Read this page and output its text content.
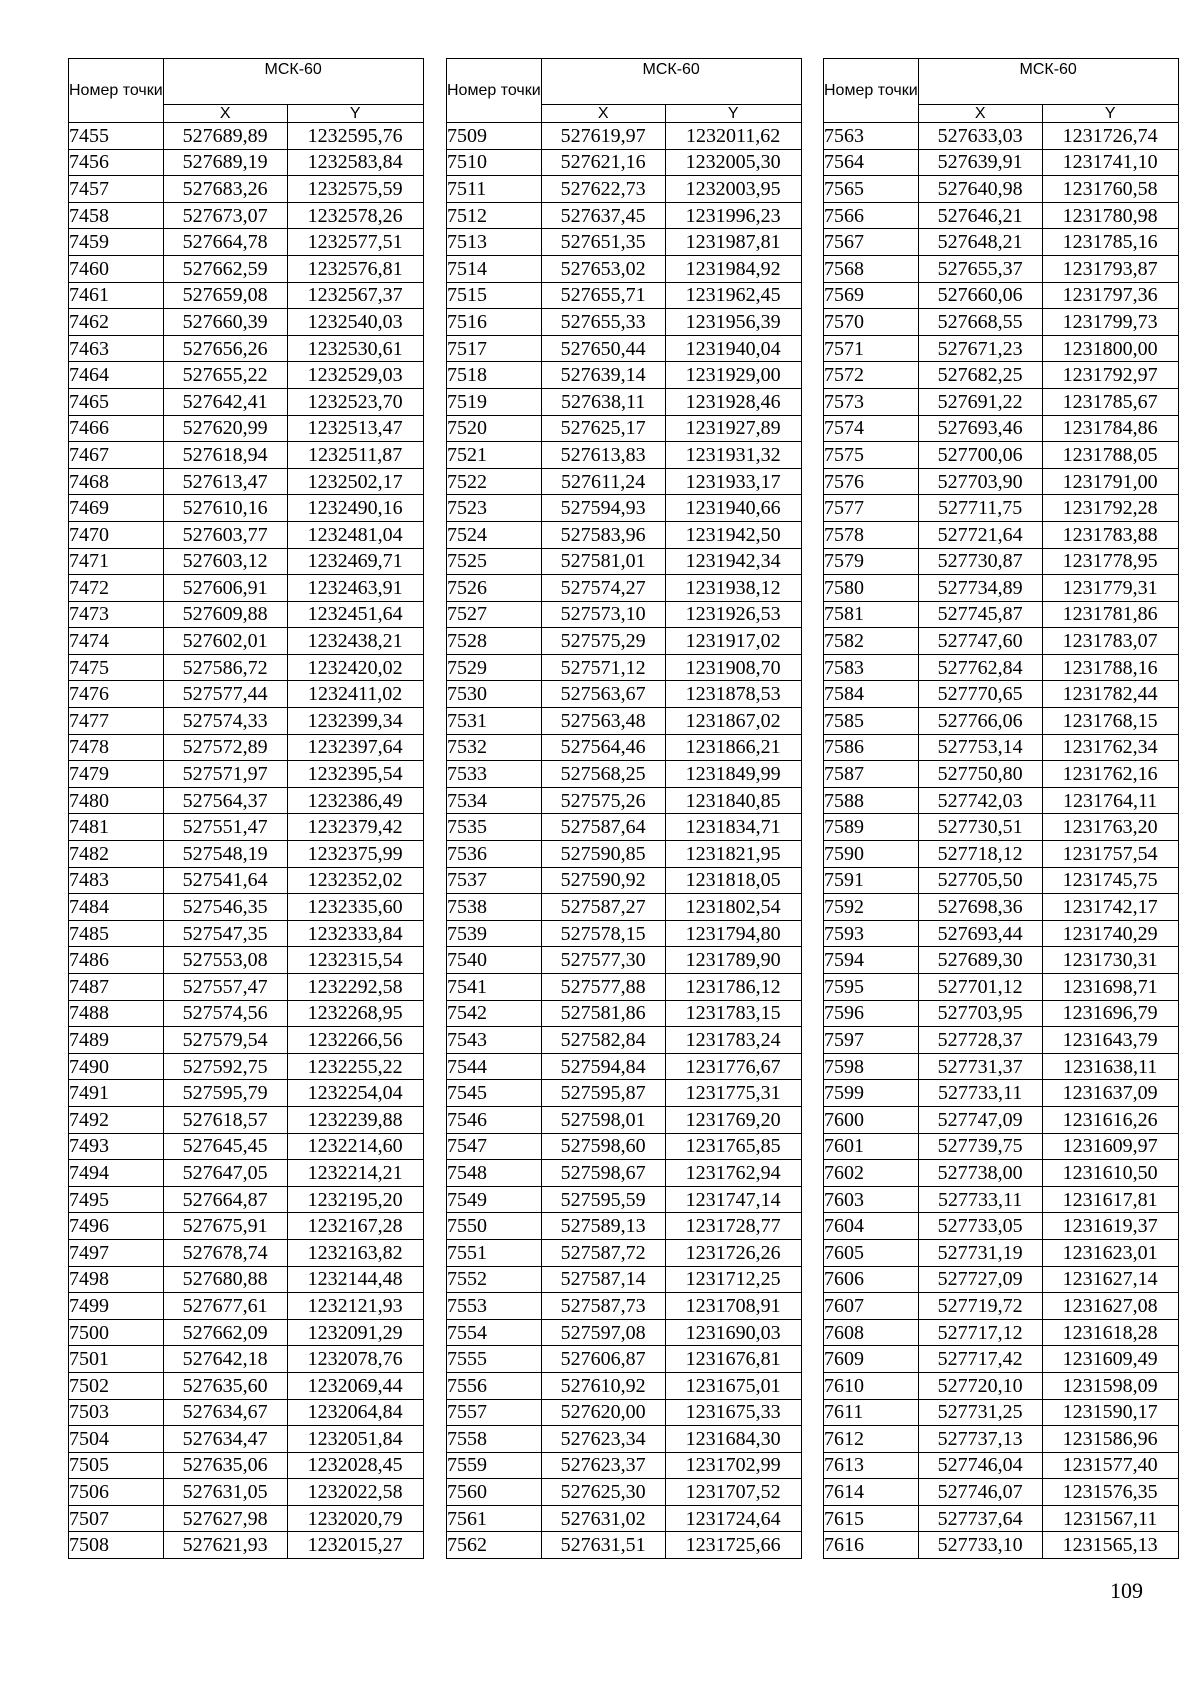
Номер точки	МСК-60	
	X	Y
7455	527689,89	1232595,76
7456	527689,19	1232583,84
7457	527683,26	1232575,59
7458	527673,07	1232578,26
7459	527664,78	1232577,51
7460	527662,59	1232576,81
7461	527659,08	1232567,37
7462	527660,39	1232540,03
7463	527656,26	1232530,61
7464	527655,22	1232529,03
7465	527642,41	1232523,70
7466	527620,99	1232513,47
7467	527618,94	1232511,87
7468	527613,47	1232502,17
7469	527610,16	1232490,16
7470	527603,77	1232481,04
7471	527603,12	1232469,71
7472	527606,91	1232463,91
7473	527609,88	1232451,64
7474	527602,01	1232438,21
7475	527586,72	1232420,02
7476	527577,44	1232411,02
7477	527574,33	1232399,34
7478	527572,89	1232397,64
7479	527571,97	1232395,54
7480	527564,37	1232386,49
7481	527551,47	1232379,42
7482	527548,19	1232375,99
7483	527541,64	1232352,02
7484	527546,35	1232335,60
7485	527547,35	1232333,84
7486	527553,08	1232315,54
7487	527557,47	1232292,58
7488	527574,56	1232268,95
7489	527579,54	1232266,56
7490	527592,75	1232255,22
7491	527595,79	1232254,04
7492	527618,57	1232239,88
7493	527645,45	1232214,60
7494	527647,05	1232214,21
7495	527664,87	1232195,20
7496	527675,91	1232167,28
7497	527678,74	1232163,82
7498	527680,88	1232144,48
7499	527677,61	1232121,93
7500	527662,09	1232091,29
7501	527642,18	1232078,76
7502	527635,60	1232069,44
7503	527634,67	1232064,84
7504	527634,47	1232051,84
7505	527635,06	1232028,45
7506	527631,05	1232022,58
7507	527627,98	1232020,79
7508	527621,93	1232015,27
Номер точки	МСК-60	
	X	Y
7509	527619,97	1232011,62
7510	527621,16	1232005,30
7511	527622,73	1232003,95
7512	527637,45	1231996,23
7513	527651,35	1231987,81
7514	527653,02	1231984,92
7515	527655,71	1231962,45
7516	527655,33	1231956,39
7517	527650,44	1231940,04
7518	527639,14	1231929,00
7519	527638,11	1231928,46
7520	527625,17	1231927,89
7521	527613,83	1231931,32
7522	527611,24	1231933,17
7523	527594,93	1231940,66
7524	527583,96	1231942,50
7525	527581,01	1231942,34
7526	527574,27	1231938,12
7527	527573,10	1231926,53
7528	527575,29	1231917,02
7529	527571,12	1231908,70
7530	527563,67	1231878,53
7531	527563,48	1231867,02
7532	527564,46	1231866,21
7533	527568,25	1231849,99
7534	527575,26	1231840,85
7535	527587,64	1231834,71
7536	527590,85	1231821,95
7537	527590,92	1231818,05
7538	527587,27	1231802,54
7539	527578,15	1231794,80
7540	527577,30	1231789,90
7541	527577,88	1231786,12
7542	527581,86	1231783,15
7543	527582,84	1231783,24
7544	527594,84	1231776,67
7545	527595,87	1231775,31
7546	527598,01	1231769,20
7547	527598,60	1231765,85
7548	527598,67	1231762,94
7549	527595,59	1231747,14
7550	527589,13	1231728,77
7551	527587,72	1231726,26
7552	527587,14	1231712,25
7553	527587,73	1231708,91
7554	527597,08	1231690,03
7555	527606,87	1231676,81
7556	527610,92	1231675,01
7557	527620,00	1231675,33
7558	527623,34	1231684,30
7559	527623,37	1231702,99
7560	527625,30	1231707,52
7561	527631,02	1231724,64
7562	527631,51	1231725,66
Номер точки	МСК-60	
	X	Y
7563	527633,03	1231726,74
7564	527639,91	1231741,10
7565	527640,98	1231760,58
7566	527646,21	1231780,98
7567	527648,21	1231785,16
7568	527655,37	1231793,87
7569	527660,06	1231797,36
7570	527668,55	1231799,73
7571	527671,23	1231800,00
7572	527682,25	1231792,97
7573	527691,22	1231785,67
7574	527693,46	1231784,86
7575	527700,06	1231788,05
7576	527703,90	1231791,00
7577	527711,75	1231792,28
7578	527721,64	1231783,88
7579	527730,87	1231778,95
7580	527734,89	1231779,31
7581	527745,87	1231781,86
7582	527747,60	1231783,07
7583	527762,84	1231788,16
7584	527770,65	1231782,44
7585	527766,06	1231768,15
7586	527753,14	1231762,34
7587	527750,80	1231762,16
7588	527742,03	1231764,11
7589	527730,51	1231763,20
7590	527718,12	1231757,54
7591	527705,50	1231745,75
7592	527698,36	1231742,17
7593	527693,44	1231740,29
7594	527689,30	1231730,31
7595	527701,12	1231698,71
7596	527703,95	1231696,79
7597	527728,37	1231643,79
7598	527731,37	1231638,11
7599	527733,11	1231637,09
7600	527747,09	1231616,26
7601	527739,75	1231609,97
7602	527738,00	1231610,50
7603	527733,11	1231617,81
7604	527733,05	1231619,37
7605	527731,19	1231623,01
7606	527727,09	1231627,14
7607	527719,72	1231627,08
7608	527717,12	1231618,28
7609	527717,42	1231609,49
7610	527720,10	1231598,09
7611	527731,25	1231590,17
7612	527737,13	1231586,96
7613	527746,04	1231577,40
7614	527746,07	1231576,35
7615	527737,64	1231567,11
7616	527733,10	1231565,13
109
